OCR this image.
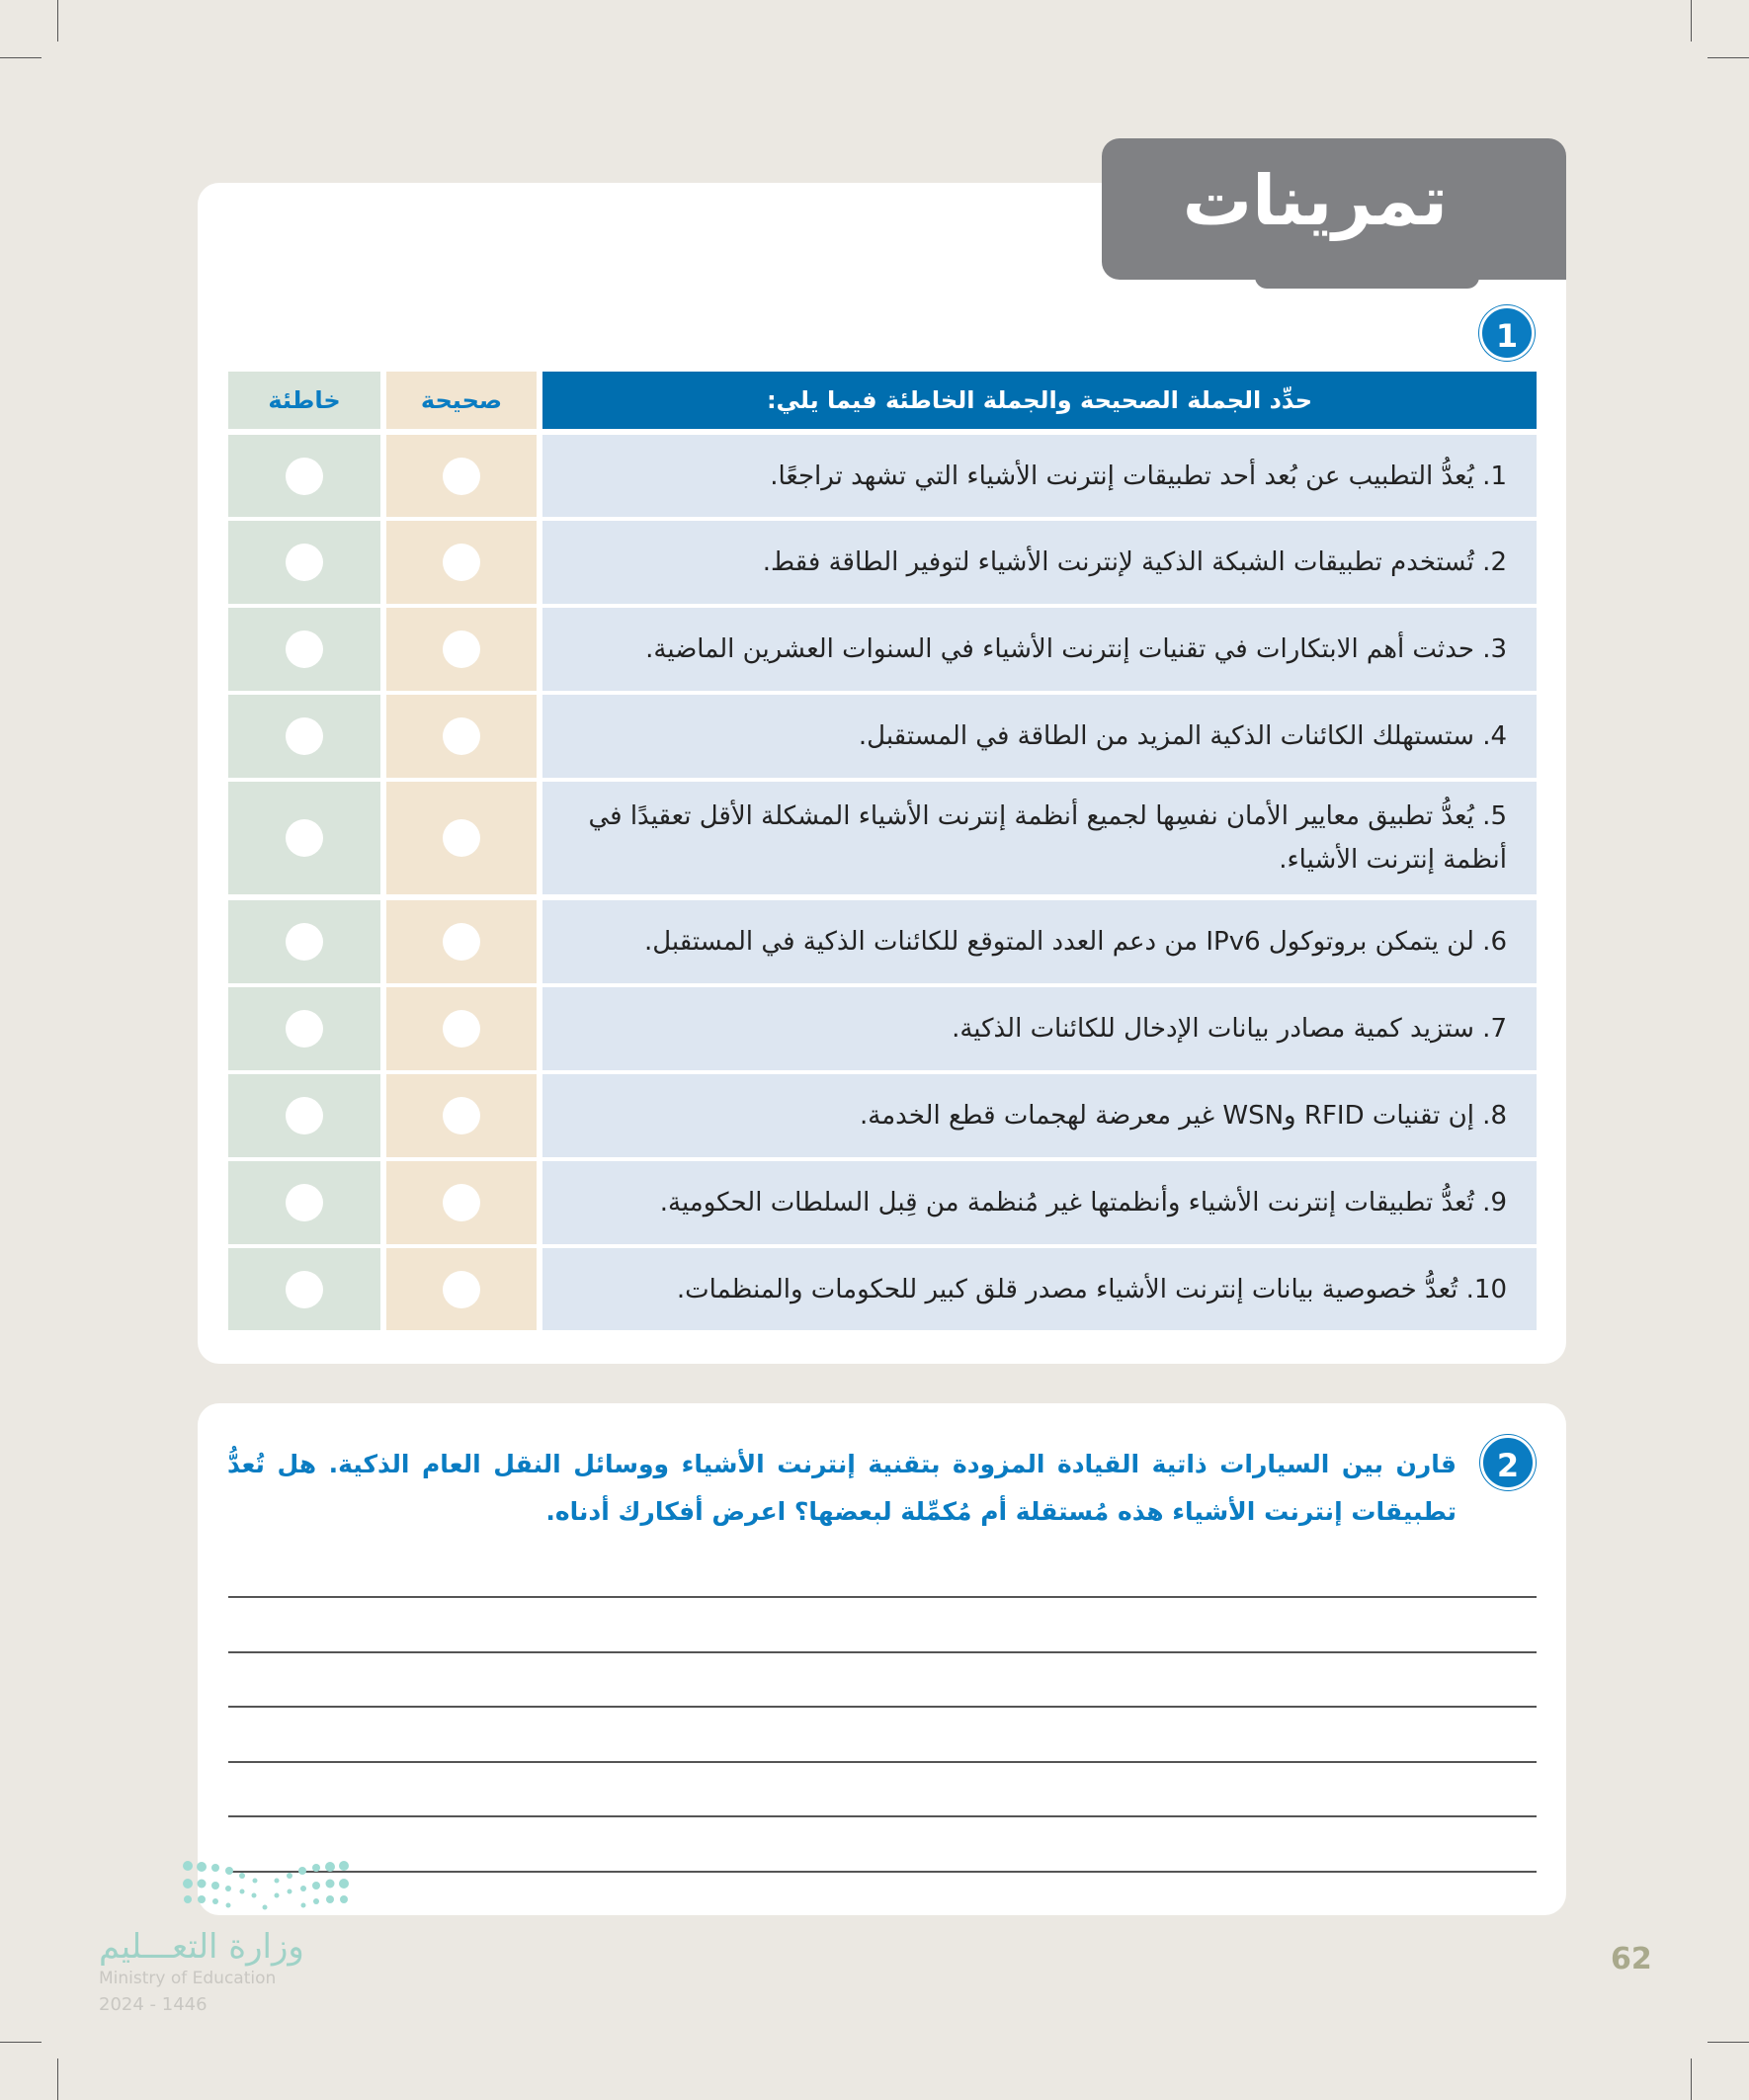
تمرينات
1
حدِّد الجملة الصحيحة والجملة الخاطئة فيما يلي:
صحيحة
خاطئة
1. يُعدُّ التطبيب عن بُعد أحد تطبيقات إنترنت الأشياء التي تشهد تراجعًا.
2. تُستخدم تطبيقات الشبكة الذكية لإنترنت الأشياء لتوفير الطاقة فقط.
3. حدثت أهم الابتكارات في تقنيات إنترنت الأشياء في السنوات العشرين الماضية.
4. ستستهلك الكائنات الذكية المزيد من الطاقة في المستقبل.
5. يُعدُّ تطبيق معايير الأمان نفسِها لجميع أنظمة إنترنت الأشياء المشكلة الأقل تعقيدًا في أنظمة إنترنت الأشياء.
6. لن يتمكن بروتوكول IPv6 من دعم العدد المتوقع للكائنات الذكية في المستقبل.
7. ستزيد كمية مصادر بيانات الإدخال للكائنات الذكية.
8. إن تقنيات RFID وWSN غير معرضة لهجمات قطع الخدمة.
9. تُعدُّ تطبيقات إنترنت الأشياء وأنظمتها غير مُنظمة من قِبل السلطات الحكومية.
10. تُعدُّ خصوصية بيانات إنترنت الأشياء مصدر قلق كبير للحكومات والمنظمات.
2
قارن بين السيارات ذاتية القيادة المزودة بتقنية إنترنت الأشياء ووسائل النقل العام الذكية. هل تُعدُّ تطبيقات إنترنت الأشياء هذه مُستقلة أم مُكمِّلة لبعضها؟ اعرض أفكارك أدناه.
وزارة التعـــليم
Ministry of Education
2024 - 1446
62
